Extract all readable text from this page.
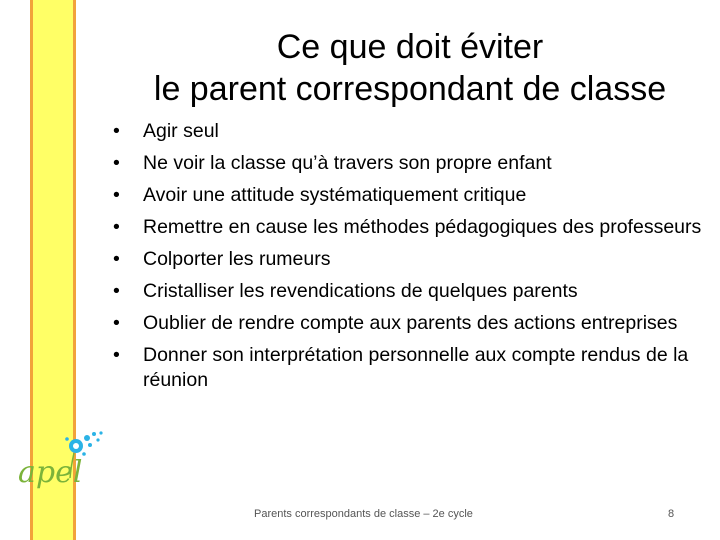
Ce que doit éviter
le parent correspondant de classe
• Agir seul
• Ne voir la classe qu’à travers son propre enfant
• Avoir une attitude systématiquement critique
• Remettre en cause les méthodes pédagogiques des professeurs
• Colporter les rumeurs
• Cristalliser les revendications de quelques parents
• Oublier de rendre compte aux parents des actions entreprises
• Donner son interprétation personnelle aux compte rendus de la réunion
apel
Parents correspondants de classe – 2e cycle	8
